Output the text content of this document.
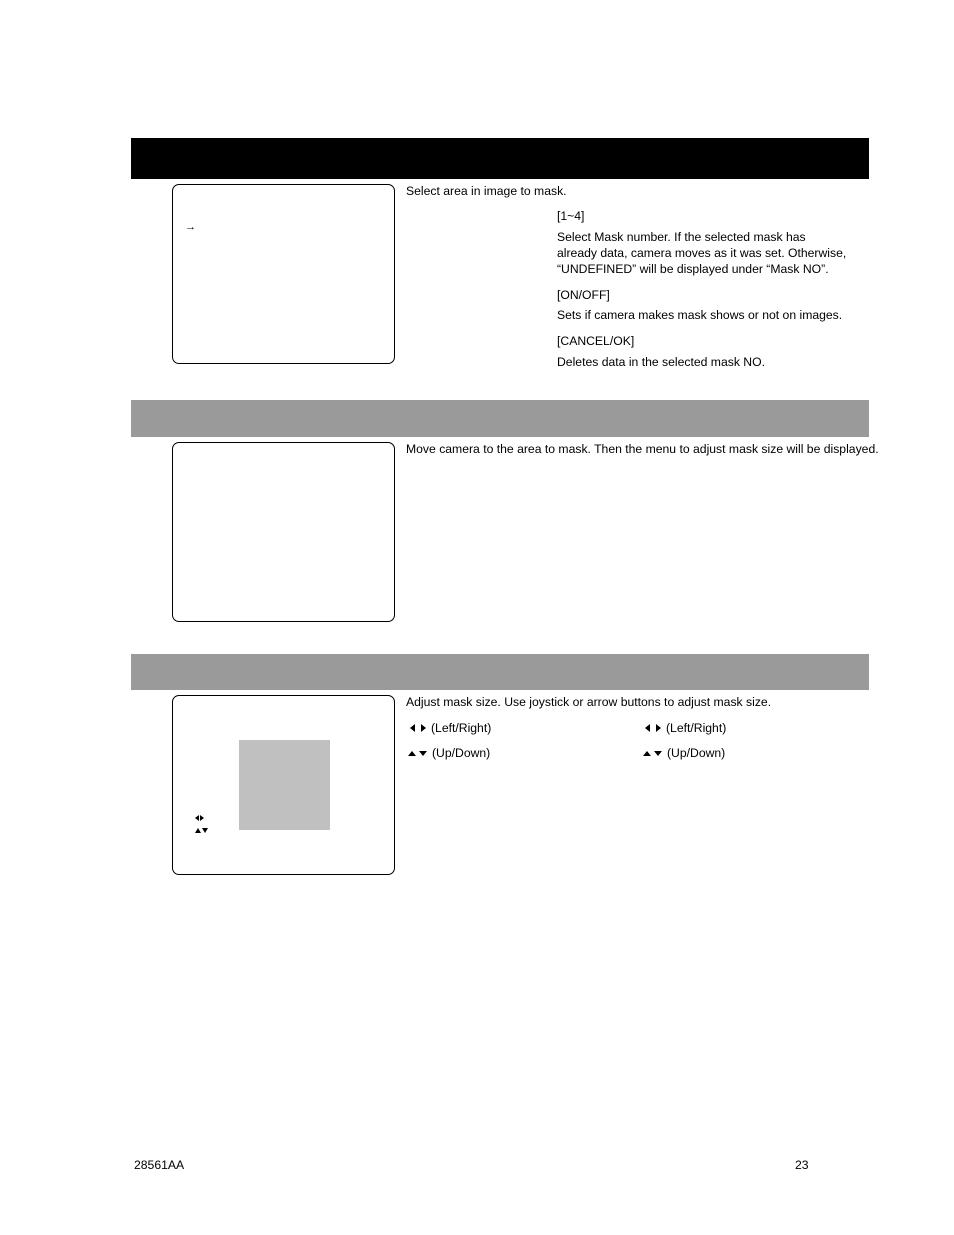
→
Select area in image to mask.
[1~4]
Select Mask number. If the selected mask has already data, camera moves as it was set. Otherwise, “UNDEFINED” will be displayed under “Mask NO”.
[ON/OFF]
Sets if camera makes mask shows or not on images.
[CANCEL/OK]
Deletes data in the selected mask NO.
Move camera to the area to mask. Then the menu to adjust mask size will be displayed.
Adjust mask size. Use joystick or arrow buttons to adjust mask size.
(Left/Right)
(Up/Down)
(Left/Right)
(Up/Down)
28561AA	23
